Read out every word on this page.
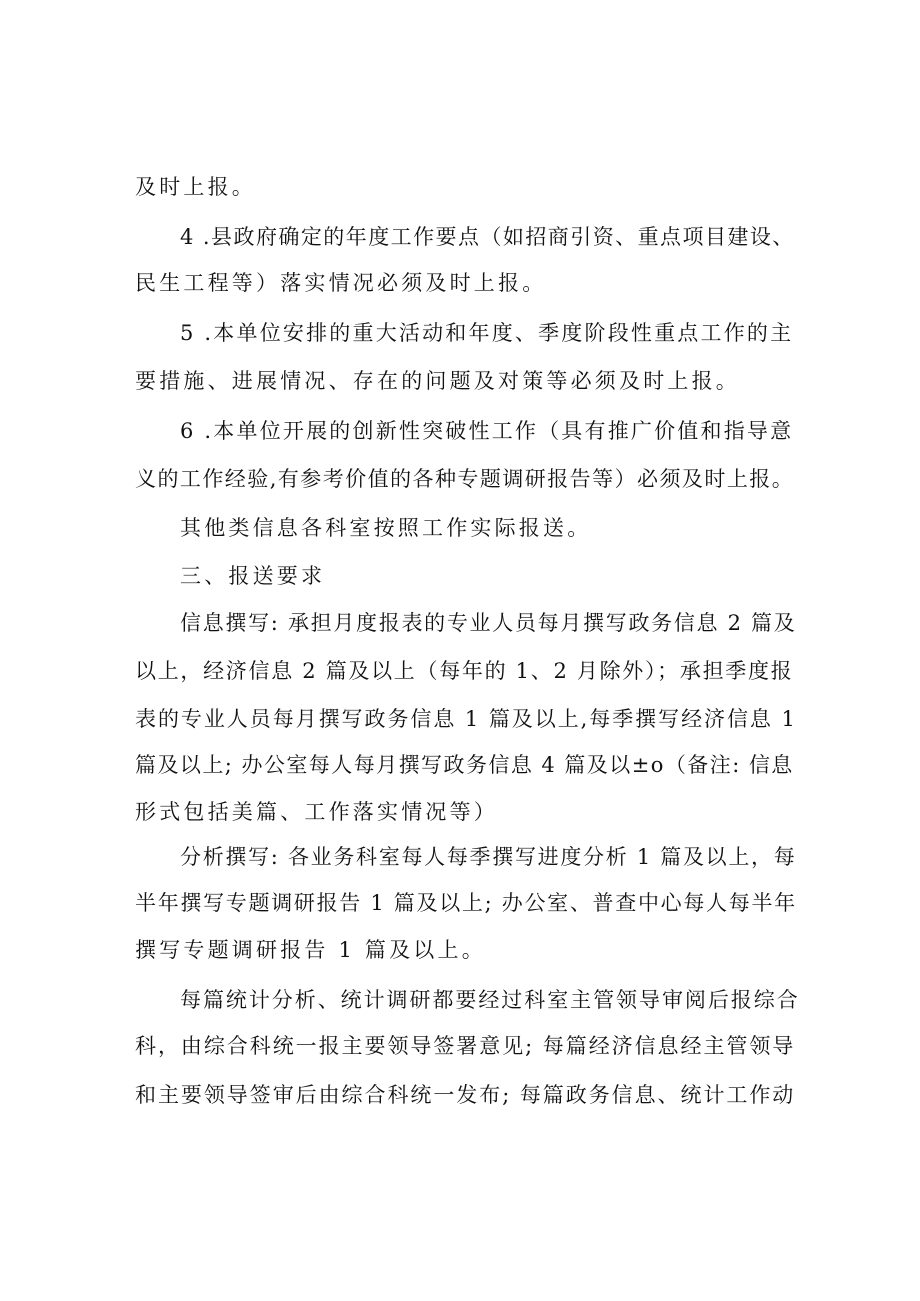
及时上报。
4 .县政府确定的年度工作要点（如招商引资、重点项目建设、
民生工程等）落实情况必须及时上报。
5 .本单位安排的重大活动和年度、季度阶段性重点工作的主
要措施、进展情况、存在的问题及对策等必须及时上报。
6 .本单位开展的创新性突破性工作（具有推广价值和指导意
义的工作经验,有参考价值的各种专题调研报告等）必须及时上报。
其他类信息各科室按照工作实际报送。
三、报送要求
信息撰写: 承担月度报表的专业人员每月撰写政务信息 2 篇及
以上，经济信息 2 篇及以上（每年的 1、2 月除外）；承担季度报
表的专业人员每月撰写政务信息 1 篇及以上,每季撰写经济信息 1
篇及以上; 办公室每人每月撰写政务信息 4 篇及以±o（备注: 信息
形式包括美篇、工作落实情况等）
分析撰写: 各业务科室每人每季撰写进度分析 1 篇及以上，每
半年撰写专题调研报告 1 篇及以上; 办公室、普查中心每人每半年
撰写专题调研报告 1 篇及以上。
每篇统计分析、统计调研都要经过科室主管领导审阅后报综合
科，由综合科统一报主要领导签署意见; 每篇经济信息经主管领导
和主要领导签审后由综合科统一发布; 每篇政务信息、统计工作动
